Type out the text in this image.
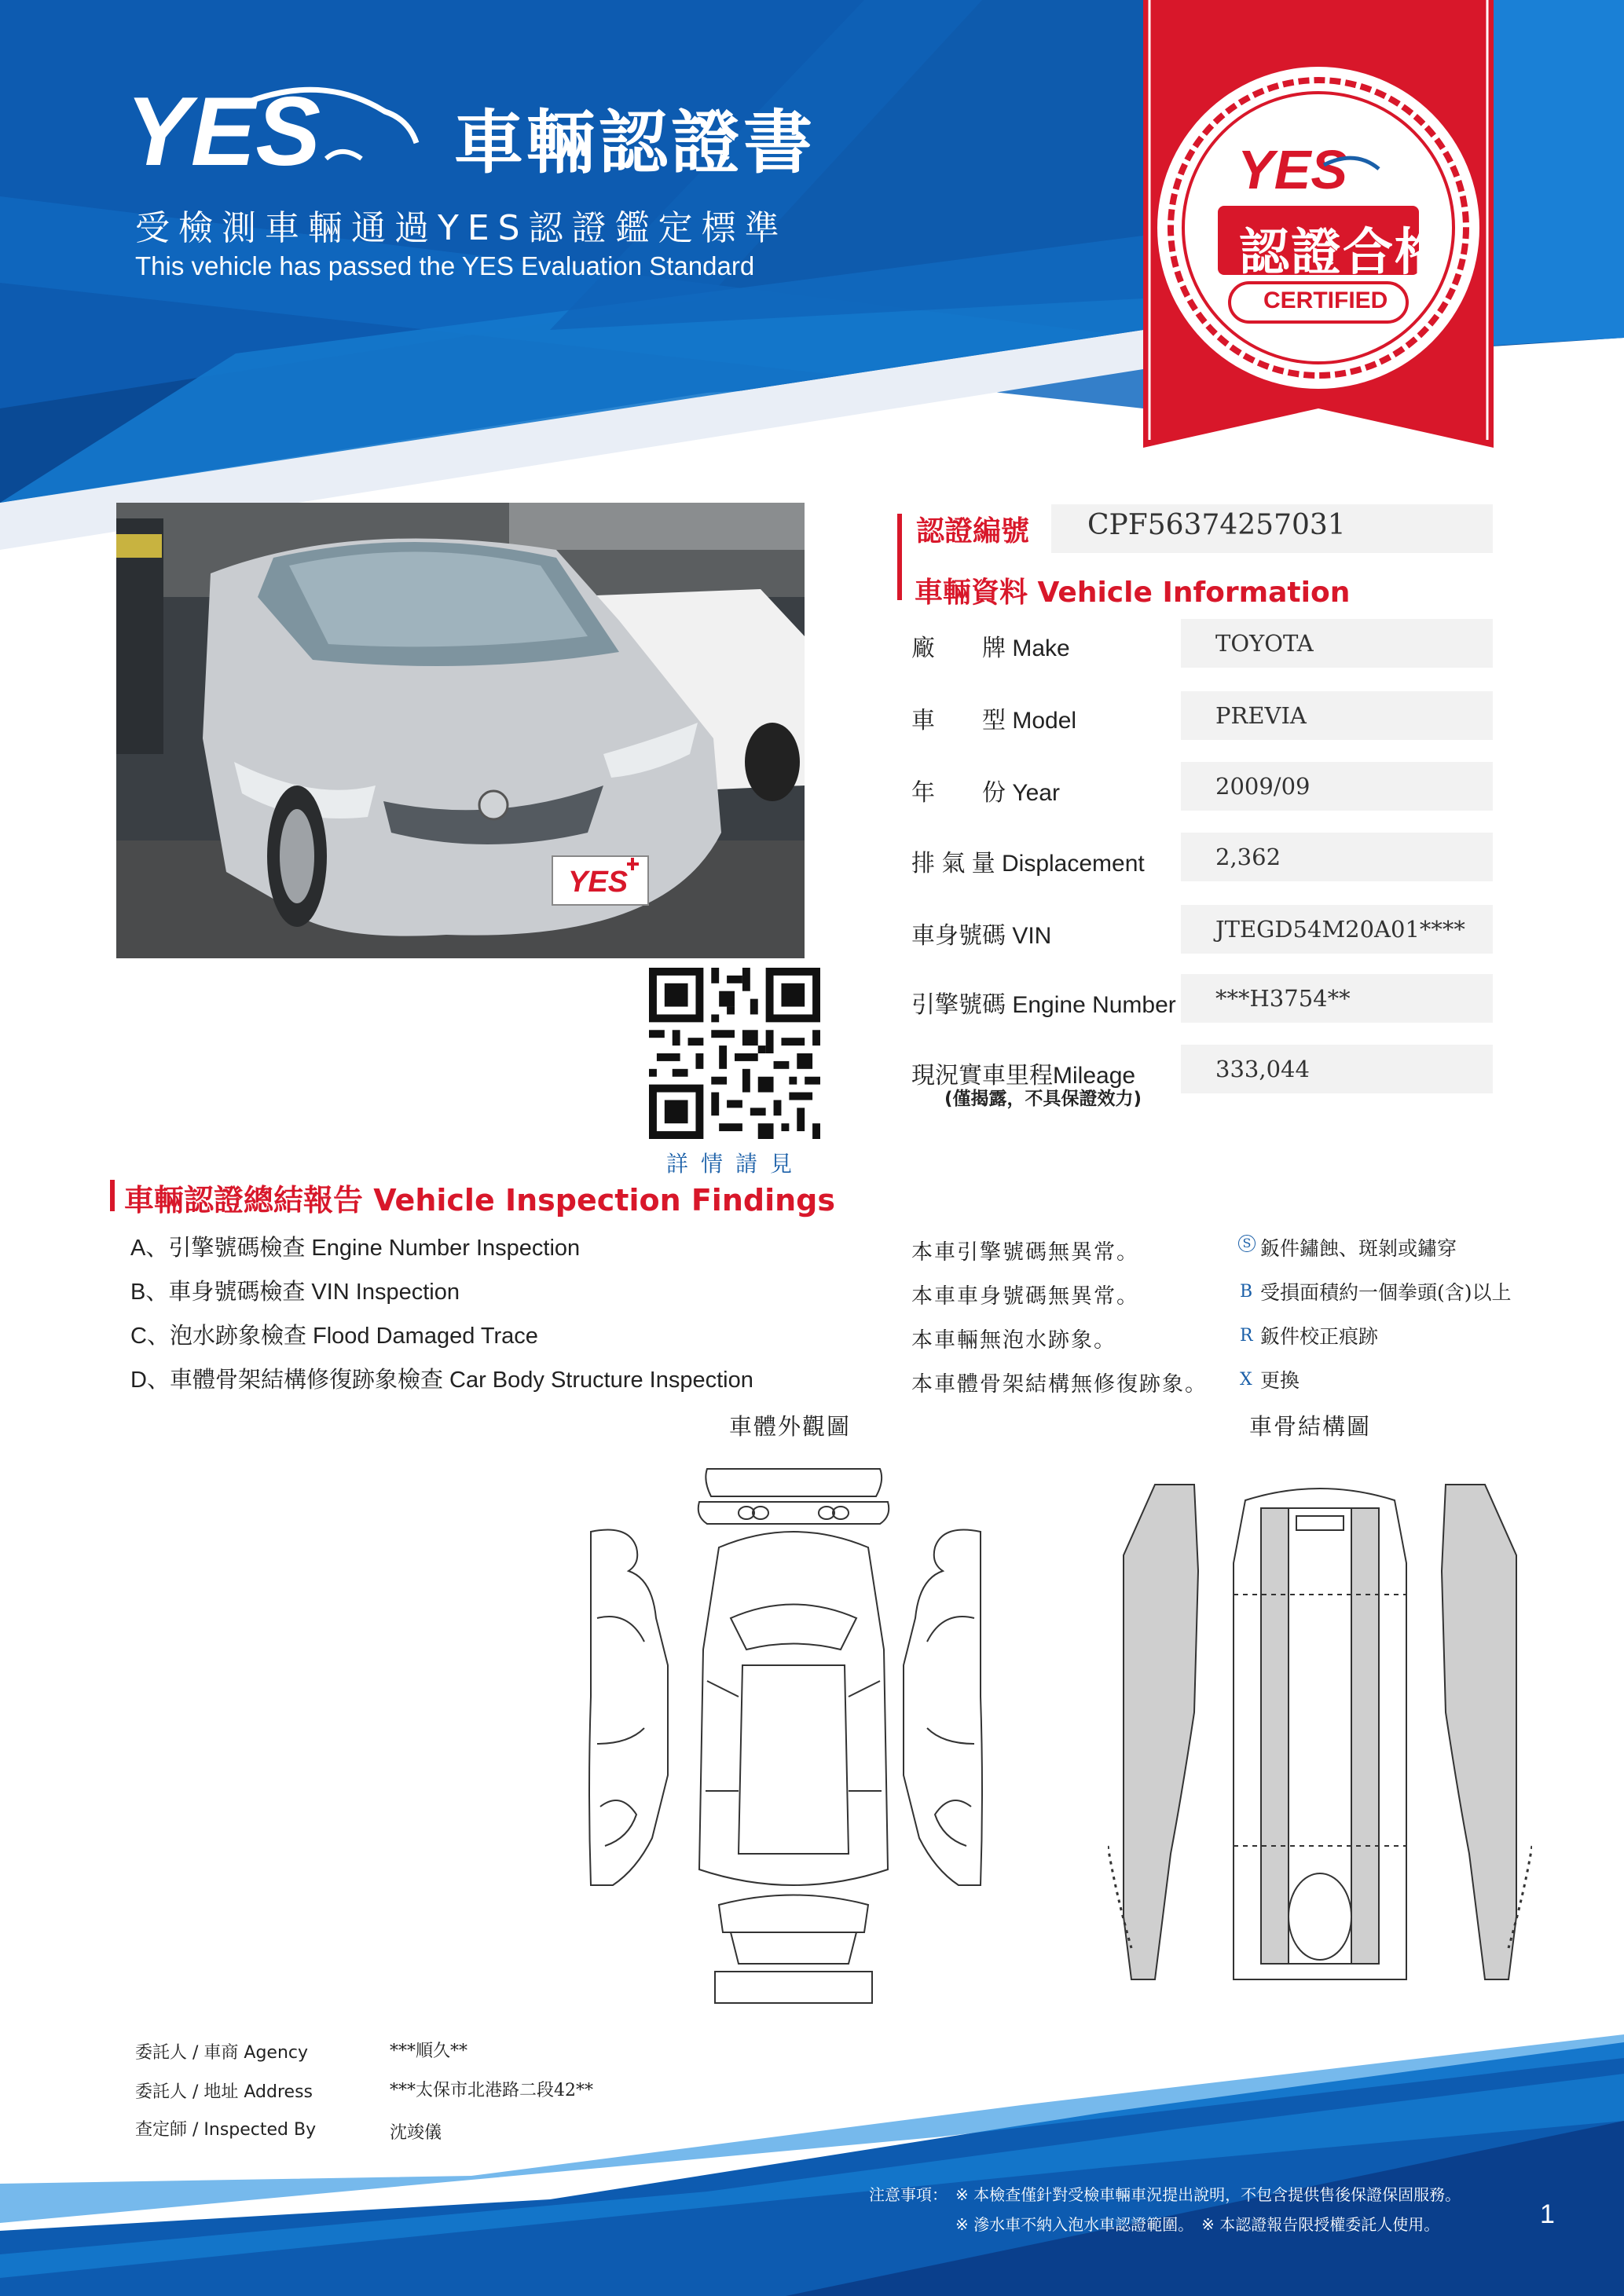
YES 車輛認證書
受檢測車輛通過YES認證鑑定標準
This vehicle has passed the YES Evaluation Standard
YES
認證合格
CERTIFIED
YES
詳情請見
認證編號 CPF56374257031
車輛資料 Vehicle Information
廠　　牌 Make	TOYOTA
車　　型 Model	PREVIA
年　　份 Year	2009/09
排 氣 量 Displacement	2,362
車身號碼 VIN	JTEGD54M20A01****
引擎號碼 Engine Number ***H3754**
現況實車里程Mileage	333,044
(僅揭露，不具保證效力)
車輛認證總結報告 Vehicle Inspection Findings
A、引擎號碼檢查 Engine Number Inspection
B、車身號碼檢查 VIN Inspection
C、泡水跡象檢查 Flood Damaged Trace
D、車體骨架結構修復跡象檢查 Car Body Structure Inspection
本車引擎號碼無異常。
本車車身號碼無異常。
本車輛無泡水跡象。
本車體骨架結構無修復跡象。
S 鈑件鏽蝕、斑剝或鏽穿
B 受損面積約一個拳頭(含)以上
R 鈑件校正痕跡
X 更換
車體外觀圖	車骨結構圖
委託人 / 車商 Agency	***順久**
委託人 / 地址 Address	***太保市北港路二段42**
查定師 / Inspected By	沈竣儀
注意事項： ※ 本檢查僅針對受檢車輛車況提出說明，不包含提供售後保證保固服務。
※ 滲水車不納入泡水車認證範圍。　※ 本認證報告限授權委託人使用。	1
